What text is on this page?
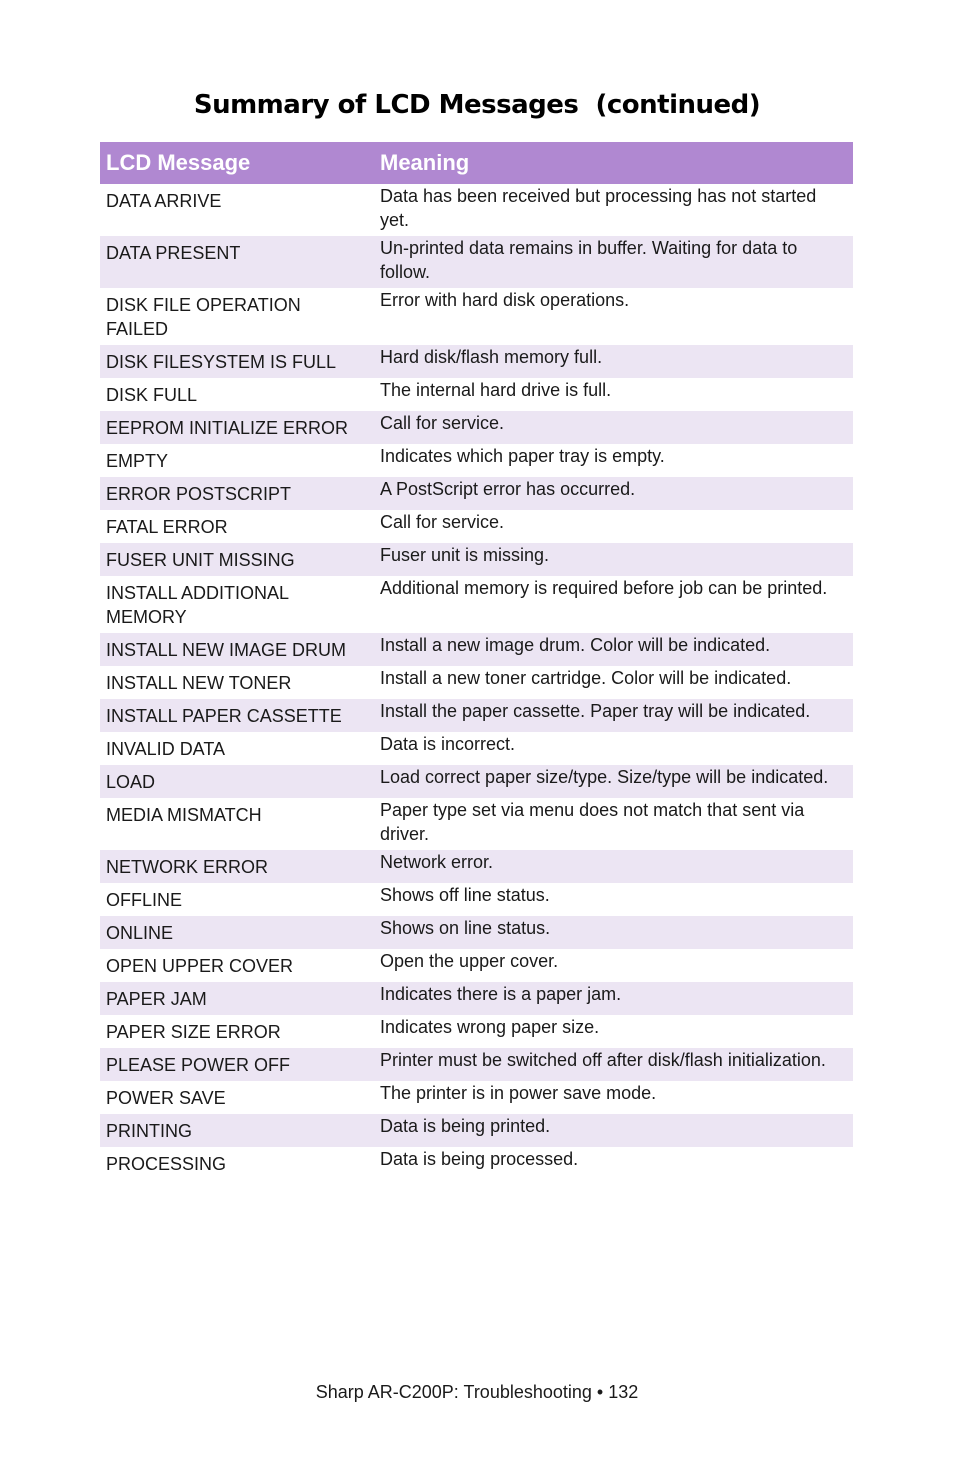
Summary of LCD Messages  (continued)
LCD Message	Meaning
DATA ARRIVE	Data has been received but processing has not started yet.
DATA PRESENT	Un-printed data remains in buffer. Waiting for data to follow.
DISK FILE OPERATION FAILED	Error with hard disk operations.
DISK FILESYSTEM IS FULL	Hard disk/flash memory full.
DISK FULL	The internal hard drive is full.
EEPROM INITIALIZE ERROR	Call for service.
EMPTY	Indicates which paper tray is empty.
ERROR POSTSCRIPT	A PostScript error has occurred.
FATAL ERROR	Call for service.
FUSER UNIT MISSING	Fuser unit is missing.
INSTALL ADDITIONAL MEMORY	Additional memory is required before job can be printed.
INSTALL NEW IMAGE DRUM	Install a new image drum. Color will be indicated.
INSTALL NEW TONER	Install a new toner cartridge. Color will be indicated.
INSTALL PAPER CASSETTE	Install the paper cassette. Paper tray will be indicated.
INVALID DATA	Data is incorrect.
LOAD	Load correct paper size/type. Size/type will be indicated.
MEDIA MISMATCH	Paper type set via menu does not match that sent via driver.
NETWORK ERROR	Network error.
OFFLINE	Shows off line status.
ONLINE	Shows on line status.
OPEN UPPER COVER	Open the upper cover.
PAPER JAM	Indicates there is a paper jam.
PAPER SIZE ERROR	Indicates wrong paper size.
PLEASE POWER OFF	Printer must be switched off after disk/flash initialization.
POWER SAVE	The printer is in power save mode.
PRINTING	Data is being printed.
PROCESSING	Data is being processed.
Sharp AR-C200P: Troubleshooting • 132
